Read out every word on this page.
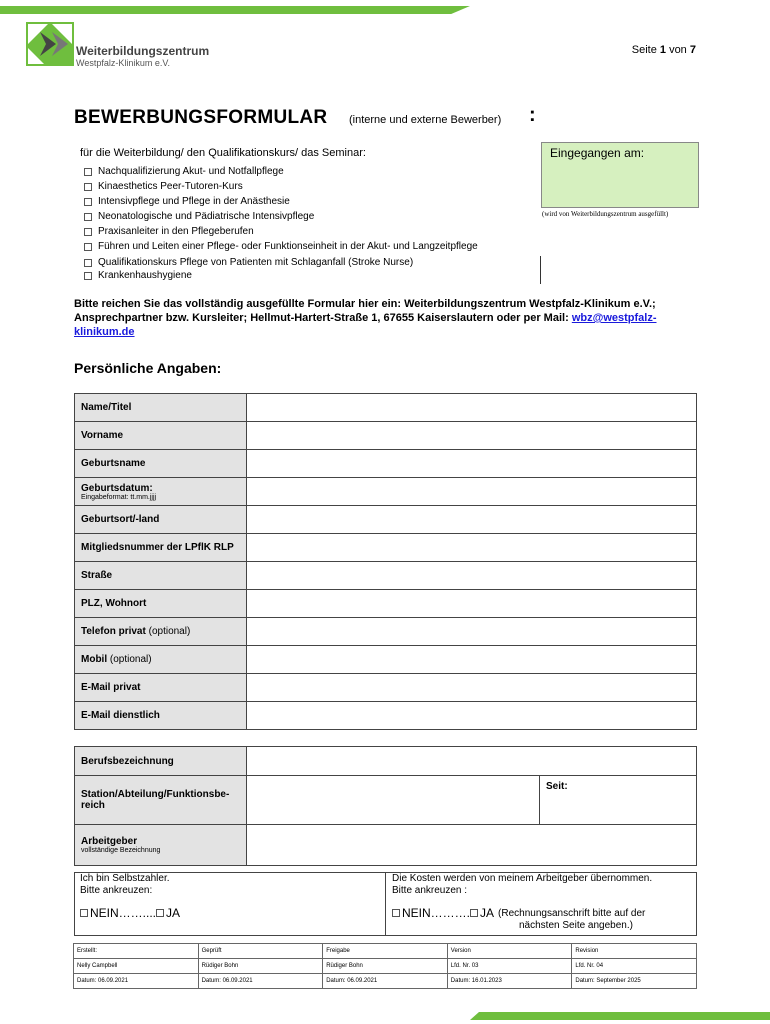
Weiterbildungszentrum
Westpfalz-Klinikum e.V.
Seite 1 von 7
BEWERBUNGSFORMULAR (interne und externe Bewerber) :
für die Weiterbildung/ den Qualifikationskurs/ das Seminar:	Eingegangen am:
(wird von Weiterbildungszentrum ausgefüllt)
Nachqualifizierung Akut- und Notfallpflege
Kinaesthetics Peer-Tutoren-Kurs
Intensivpflege und Pflege in der Anästhesie
Neonatologische und Pädiatrische Intensivpflege
Praxisanleiter in den Pflegeberufen
Führen und Leiten einer Pflege- oder Funktionseinheit in der Akut- und Langzeitpflege
Qualifikationskurs Pflege von Patienten mit Schlaganfall (Stroke Nurse)
Krankenhaushygiene
Bitte reichen Sie das vollständig ausgefüllte Formular hier ein: Weiterbildungszentrum Westpfalz-Klinikum e.V.; Ansprechpartner bzw. Kursleiter; Hellmut-Hartert-Straße 1, 67655 Kaiserslautern oder per Mail: wbz@westpfalz-klinikum.de
Persönliche Angaben:
Name/Titel	
Vorname	
Geburtsname	
Geburtsdatum:
Eingabeformat: tt.mm.jjjj	

Geburtsort/-land	
Mitgliedsnummer der LPflK RLP	
Straße	
PLZ, Wohnort	
Telefon privat (optional)	
Mobil (optional)	
E-Mail privat	
E-Mail dienstlich	
Berufsbezeichnung		
Station/Abteilung/Funktionsbe-reich		Seit:
Arbeitgeber
vollständige Bezeichnung		

Ich bin Selbstzahler.
Bitte ankreuzen:
NEIN…….... JA
Die Kosten werden von meinem Arbeitgeber übernommen.
Bitte ankreuzen :
NEIN………. JA (Rechnungsanschrift bitte auf der
nächsten Seite angeben.)
Erstellt:	Geprüft	Freigabe	Version	Revision
Nelly Campbell	Rüdiger Bohn	Rüdiger Bohn	Lfd. Nr. 03	Lfd. Nr. 04
Datum: 06.09.2021	Datum: 06.09.2021	Datum: 06.09.2021	Datum: 16.01.2023	Datum: September 2025
